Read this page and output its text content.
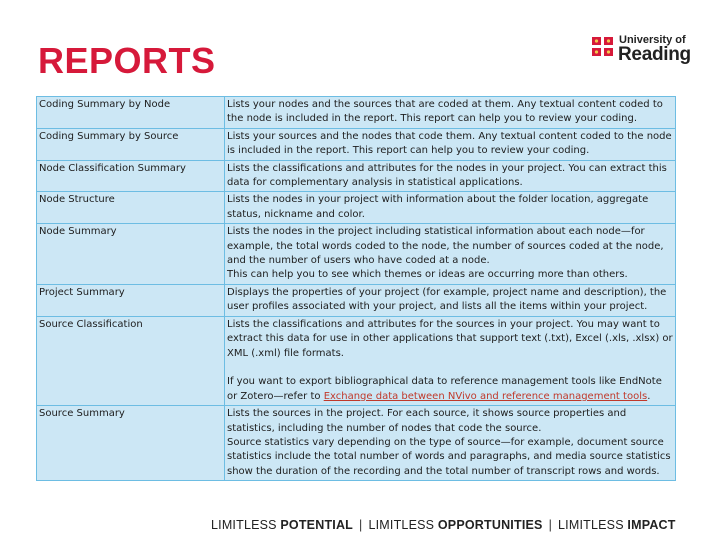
REPORTS	University of
Reading
Coding Summary by Node	Lists your nodes and the sources that are coded at them. Any textual content coded to the node is included in the report. This report can help you to review your coding.

Coding Summary by Source	Lists your sources and the nodes that code them. Any textual content coded to the node is included in the report. This report can help you to review your coding.

Node Classification Summary	Lists the classifications and attributes for the nodes in your project. You can extract this data for complementary analysis in statistical applications.

Node Structure	Lists the nodes in your project with information about the folder location, aggregate status, nickname and color.

Node Summary	Lists the nodes in the project including statistical information about each node—for example, the total words coded to the node, the number of sources coded at the node, and the number of users who have coded at a node.

This can help you to see which themes or ideas are occurring more than others.

Project Summary	Displays the properties of your project (for example, project name and description), the user profiles associated with your project, and lists all the items within your project.

Source Classification	Lists the classifications and attributes for the sources in your project. You may want to extract this data for use in other applications that support text (.txt), Excel (.xls, .xlsx) or XML (.xml) file formats.

If you want to export bibliographical data to reference management tools like EndNote or Zotero—refer to Exchange data between NVivo and reference management tools.

Source Summary	Lists the sources in the project. For each source, it shows source properties and statistics, including the number of nodes that code the source.

Source statistics vary depending on the type of source—for example, document source statistics include the total number of words and paragraphs, and media source statistics show the duration of the recording and the total number of transcript rows and words.

LIMITLESS POTENTIAL | LIMITLESS OPPORTUNITIES | LIMITLESS IMPACT
